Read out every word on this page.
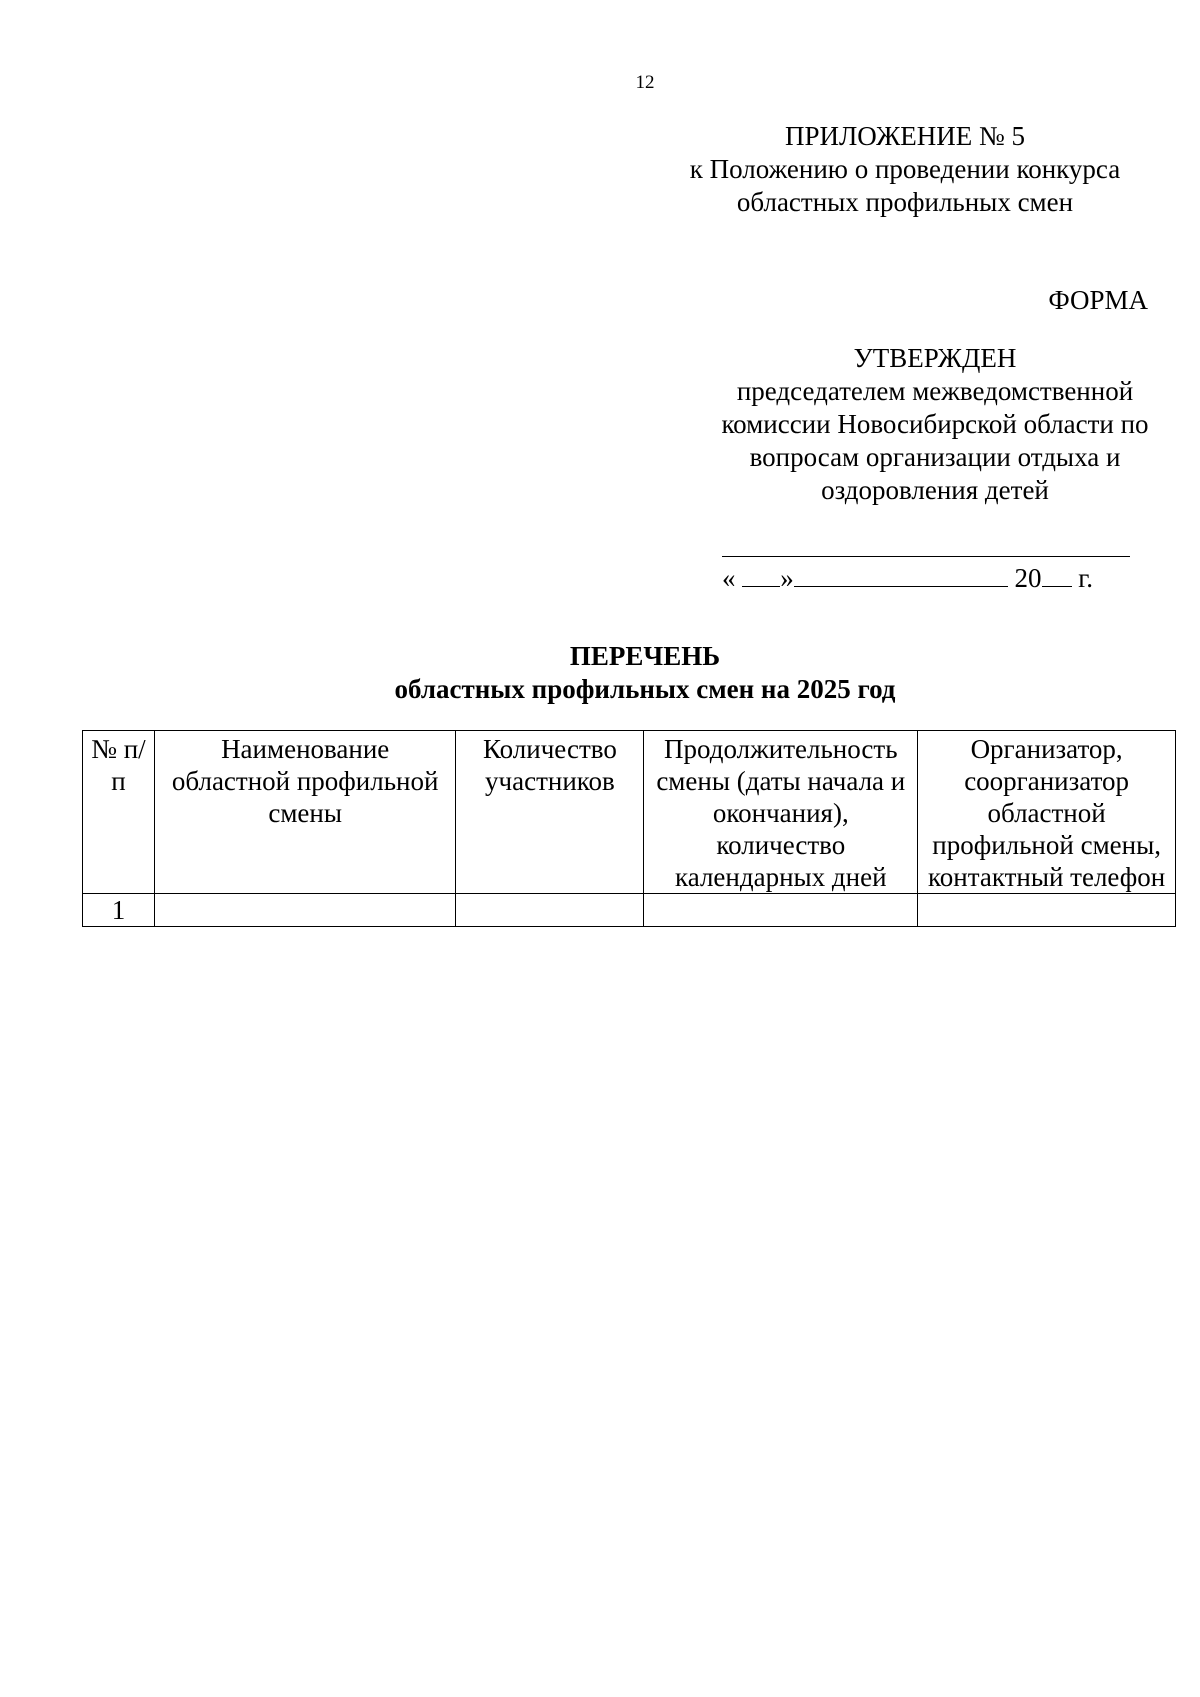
12
ПРИЛОЖЕНИЕ № 5
к Положению о проведении конкурса
областных профильных смен
ФОРМА
УТВЕРЖДЕН
председателем межведомственной
комиссии Новосибирской области по
вопросам организации отдыха и
оздоровления детей
« »	20 г.
ПЕРЕЧЕНЬ
областных профильных смен на 2025 год
№ п/п	Наименование областной профильной смены	Количество участников	Продолжительность смены (даты начала и окончания), количество календарных дней	Организатор, соорганизатор областной профильной смены, контактный телефон
1				
